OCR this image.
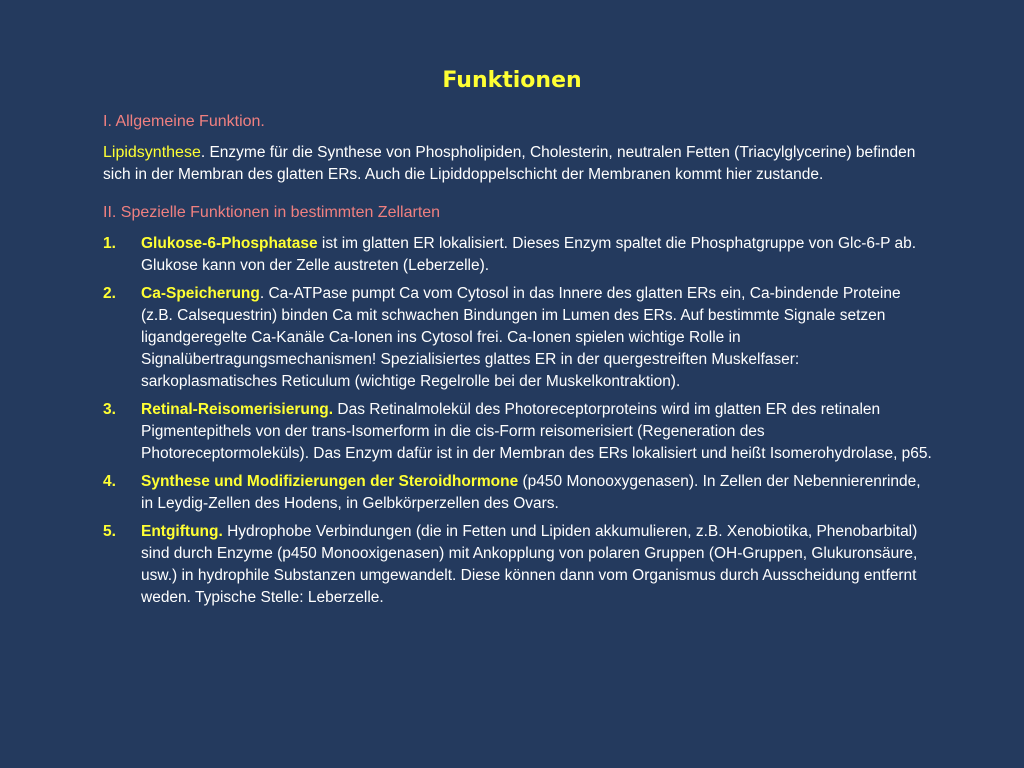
Funktionen
I. Allgemeine Funktion.
Lipidsynthese. Enzyme für die Synthese von Phospholipiden, Cholesterin, neutralen Fetten (Triacylglycerine) befinden sich in der Membran des glatten ERs. Auch die Lipiddoppelschicht der Membranen kommt hier zustande.
II. Spezielle Funktionen in bestimmten Zellarten
1.	Glukose-6-Phosphatase ist im glatten ER lokalisiert. Dieses Enzym spaltet die Phosphatgruppe von Glc-6-P ab. Glukose kann von der Zelle austreten (Leberzelle).
2.	Ca-Speicherung. Ca-ATPase pumpt Ca vom Cytosol in das Innere des glatten ERs ein, Ca-bindende Proteine (z.B. Calsequestrin) binden Ca mit schwachen Bindungen im Lumen des ERs. Auf bestimmte Signale setzen ligandgeregelte Ca-Kanäle Ca-Ionen ins Cytosol frei. Ca-Ionen spielen wichtige Rolle in Signalübertragungsmechanismen! Spezialisiertes glattes ER in der quergestreiften Muskelfaser: sarkoplasmatisches Reticulum (wichtige Regelrolle bei der Muskelkontraktion).
3.	Retinal-Reisomerisierung. Das Retinalmolekül des Photoreceptorproteins wird im glatten ER des retinalen Pigmentepithels von der trans-Isomerform in die cis-Form reisomerisiert (Regeneration des Photoreceptormoleküls). Das Enzym dafür ist in der Membran des ERs lokalisiert und heißt Isomerohydrolase, p65.
4.	Synthese und Modifizierungen der Steroidhormone (p450 Monooxygenasen). In Zellen der Nebennierenrinde, in Leydig-Zellen des Hodens, in Gelbkörperzellen des Ovars.
5.	Entgiftung. Hydrophobe Verbindungen (die in Fetten und Lipiden akkumulieren, z.B. Xenobiotika, Phenobarbital) sind durch Enzyme (p450 Monooxigenasen) mit Ankopplung von polaren Gruppen (OH-Gruppen, Glukuronsäure, usw.) in hydrophile Substanzen umgewandelt. Diese können dann vom Organismus durch Ausscheidung entfernt weden. Typische Stelle: Leberzelle.
